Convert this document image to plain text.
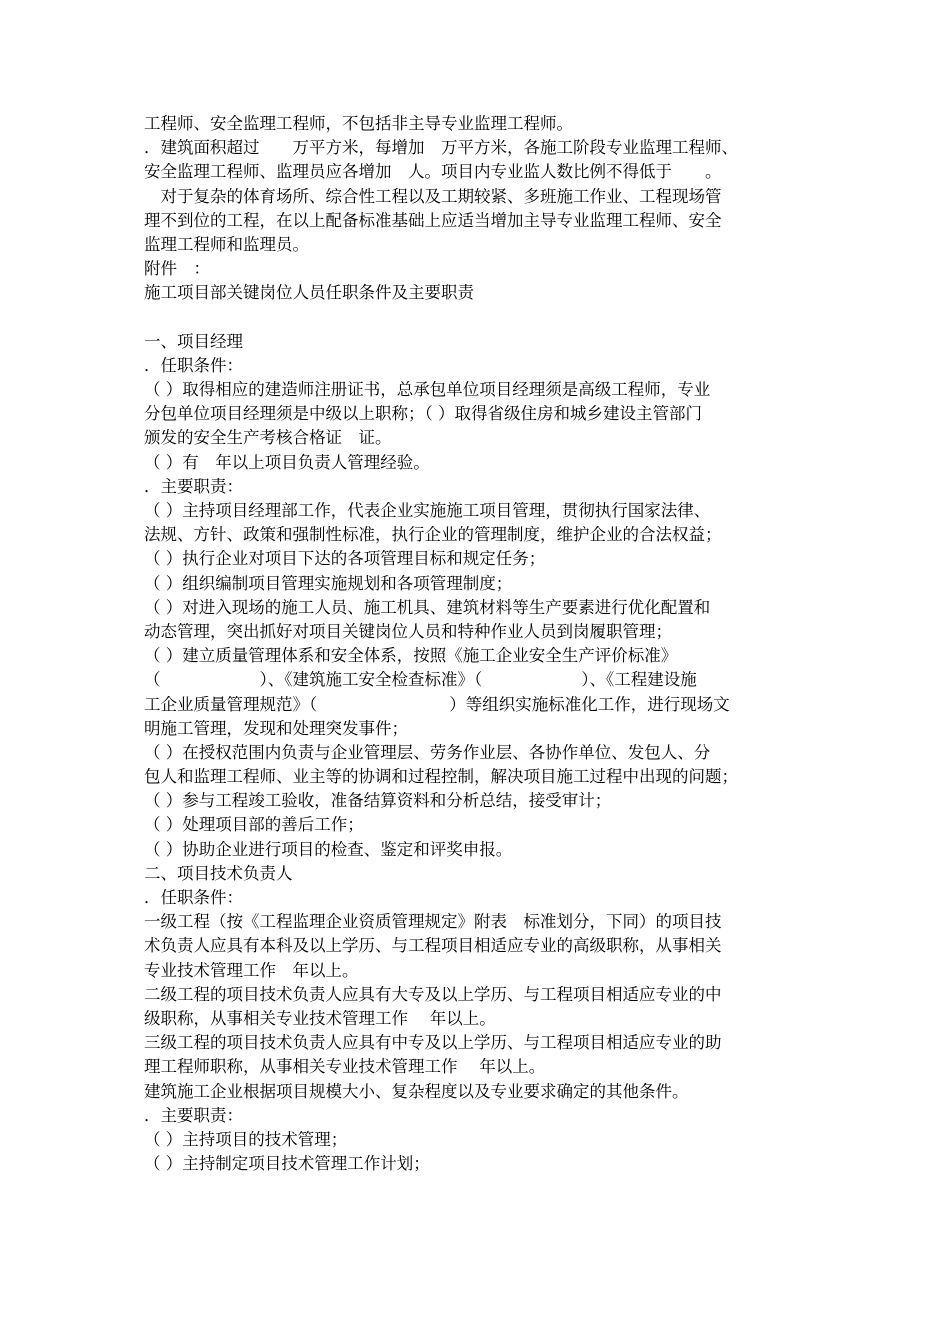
工程师、安全监理工程师，不包括非主导专业监理工程师。
．建筑面积超过　　万平方米，每增加　万平方米，各施工阶段专业监理工程师、
安全监理工程师、监理员应各增加　人。项目内专业监人数比例不得低于　　。
　对于复杂的体育场所、综合性工程以及工期较紧、多班施工作业、工程现场管
理不到位的工程，在以上配备标准基础上应适当增加主导专业监理工程师、安全
监理工程师和监理员。
附件　：
施工项目部关键岗位人员任职条件及主要职责
一、项目经理
．任职条件：
（ ）取得相应的建造师注册证书，总承包单位项目经理须是高级工程师，专业
分包单位项目经理须是中级以上职称；（ ）取得省级住房和城乡建设主管部门
颁发的安全生产考核合格证　证。
（ ）有　年以上项目负责人管理经验。
．主要职责：
（ ）主持项目经理部工作，代表企业实施施工项目管理，贯彻执行国家法律、
法规、方针、政策和强制性标准，执行企业的管理制度，维护企业的合法权益；
（ ）执行企业对项目下达的各项管理目标和规定任务；
（ ）组织编制项目管理实施规划和各项管理制度；
（ ）对进入现场的施工人员、施工机具、建筑材料等生产要素进行优化配置和
动态管理，突出抓好对项目关键岗位人员和特种作业人员到岗履职管理；
（ ）建立质量管理体系和安全体系，按照《施工企业安全生产评价标准》
（　　　　　　）、《建筑施工安全检查标准》（　　　　　　）、《工程建设施
工企业质量管理规范》（　　　　　　　　）等组织实施标准化工作，进行现场文
明施工管理，发现和处理突发事件；
（ ）在授权范围内负责与企业管理层、劳务作业层、各协作单位、发包人、分
包人和监理工程师、业主等的协调和过程控制，解决项目施工过程中出现的问题；
（ ）参与工程竣工验收，准备结算资料和分析总结，接受审计；
（ ）处理项目部的善后工作；
（ ）协助企业进行项目的检查、鉴定和评奖申报。
二、项目技术负责人
．任职条件：
一级工程（按《工程监理企业资质管理规定》附表　标准划分，下同）的项目技
术负责人应具有本科及以上学历、与工程项目相适应专业的高级职称，从事相关
专业技术管理工作　年以上。
二级工程的项目技术负责人应具有大专及以上学历、与工程项目相适应专业的中
级职称，从事相关专业技术管理工作　 年以上。
三级工程的项目技术负责人应具有中专及以上学历、与工程项目相适应专业的助
理工程师职称，从事相关专业技术管理工作　 年以上。
建筑施工企业根据项目规模大小、复杂程度以及专业要求确定的其他条件。
．主要职责：
（ ）主持项目的技术管理；
（ ）主持制定项目技术管理工作计划；
